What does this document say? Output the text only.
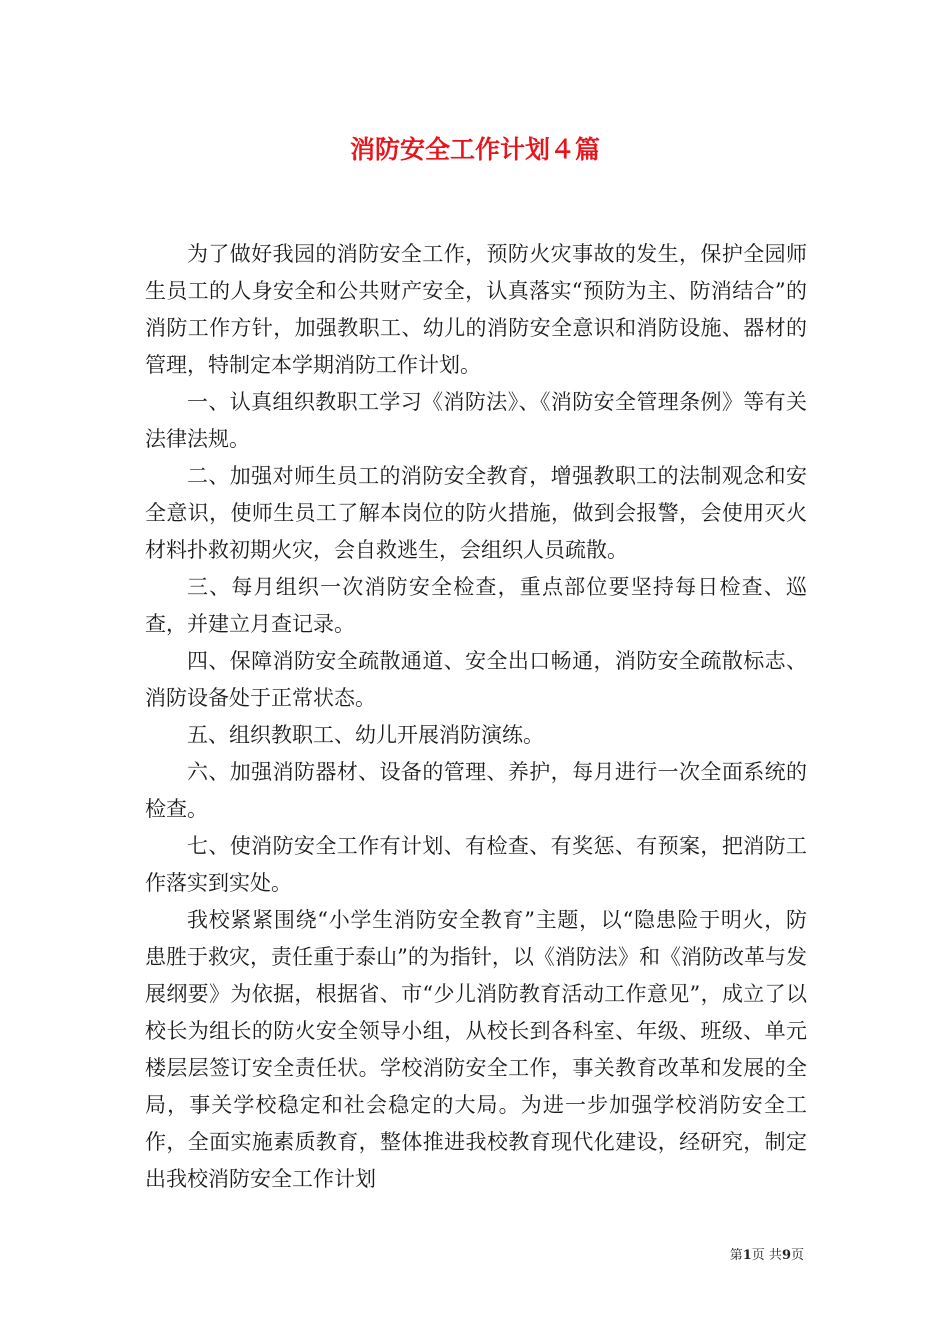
消防安全工作计划４篇

为了做好我园的消防安全工作，预防火灾事故的发生，保护全园师生员工的人身安全和公共财产安全，认真落实“预防为主、防消结合”的消防工作方针，加强教职工、幼儿的消防安全意识和消防设施、器材的管理，特制定本学期消防工作计划。

一、认真组织教职工学习《消防法》、《消防安全管理条例》等有关法律法规。

二、加强对师生员工的消防安全教育，增强教职工的法制观念和安全意识，使师生员工了解本岗位的防火措施，做到会报警，会使用灭火材料扑救初期火灾，会自救逃生，会组织人员疏散。

三、每月组织一次消防安全检查，重点部位要坚持每日检查、巡查，并建立月查记录。

四、保障消防安全疏散通道、安全出口畅通，消防安全疏散标志、消防设备处于正常状态。

五、组织教职工、幼儿开展消防演练。

六、加强消防器材、设备的管理、养护，每月进行一次全面系统的检查。

七、使消防安全工作有计划、有检查、有奖惩、有预案，把消防工作落实到实处。

我校紧紧围绕“小学生消防安全教育”主题，以“隐患险于明火，防患胜于救灾，责任重于泰山”的为指针，以《消防法》和《消防改革与发展纲要》为依据，根据省、市“少儿消防教育活动工作意见”，成立了以校长为组长的防火安全领导小组，从校长到各科室、年级、班级、单元楼层层签订安全责任状。学校消防安全工作，事关教育改革和发展的全局，事关学校稳定和社会稳定的大局。为进一步加强学校消防安全工作，全面实施素质教育，整体推进我校教育现代化建设，经研究，制定出我校消防安全工作计划

第1页 共9页
